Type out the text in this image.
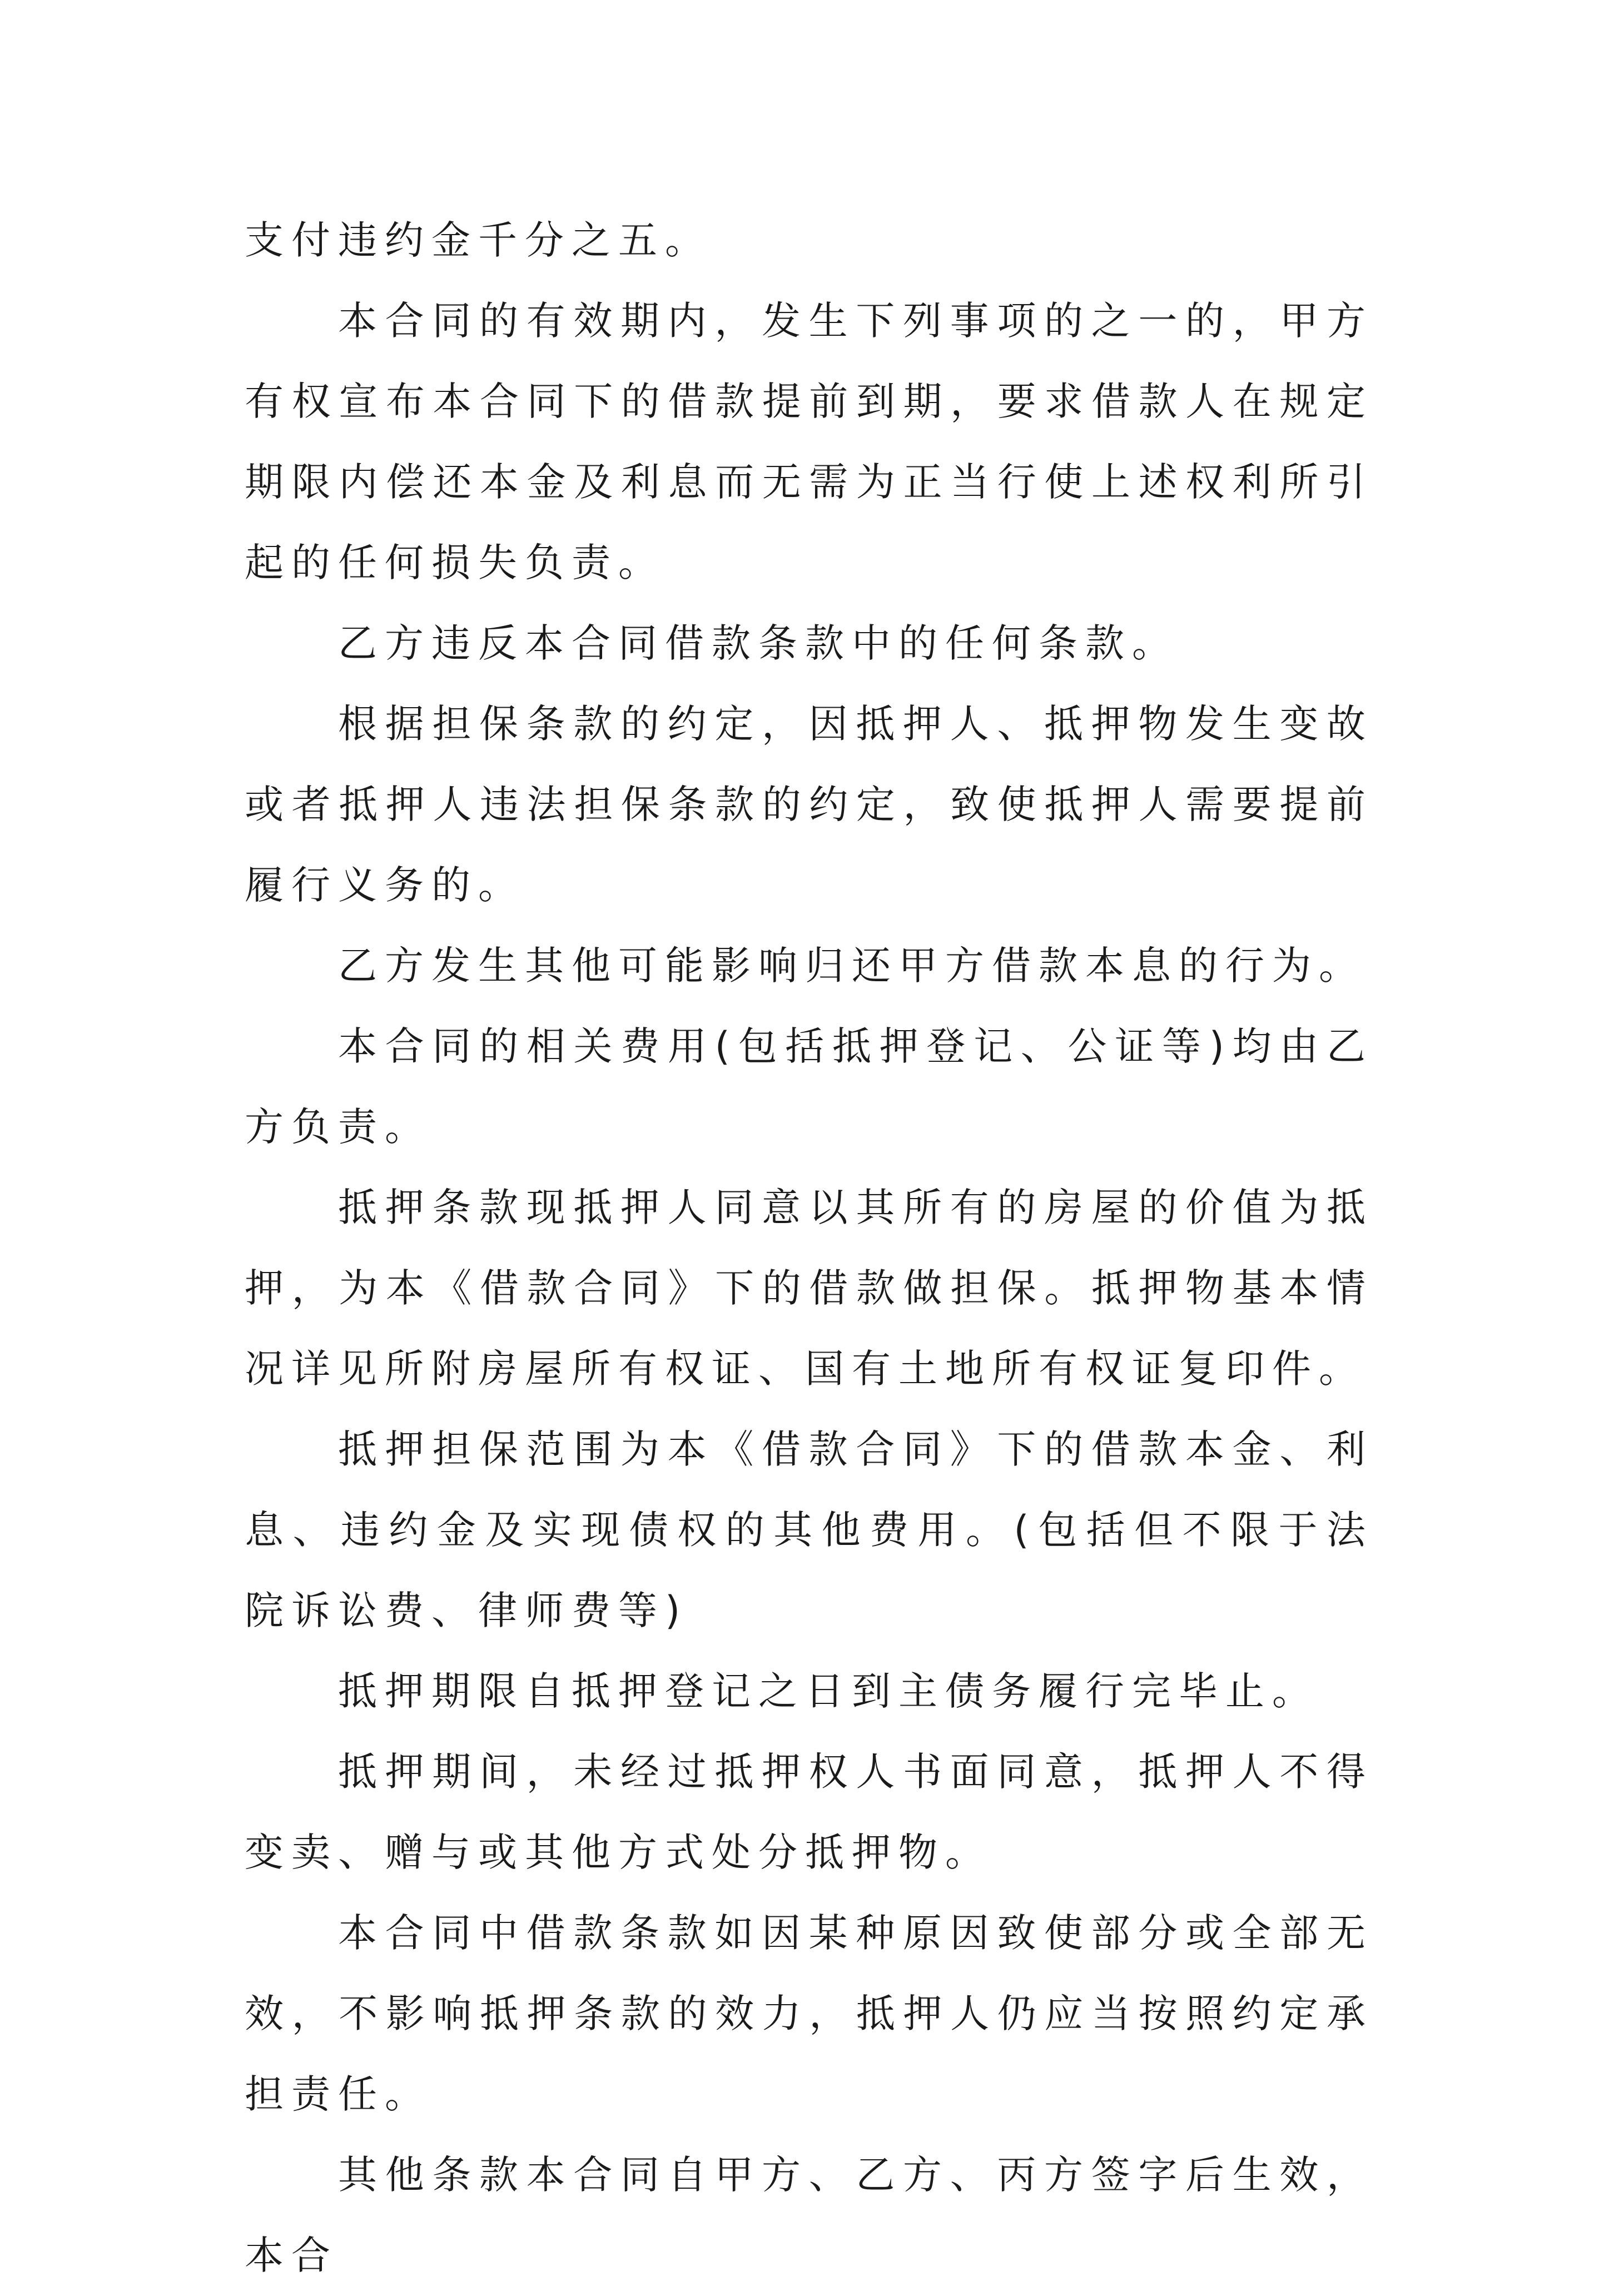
支付违约金千分之五。

本合同的有效期内，发生下列事项的之一的，甲方有权宣布本合同下的借款提前到期，要求借款人在规定期限内偿还本金及利息而无需为正当行使上述权利所引起的任何损失负责。

乙方违反本合同借款条款中的任何条款。

根据担保条款的约定，因抵押人、抵押物发生变故或者抵押人违法担保条款的约定，致使抵押人需要提前履行义务的。

乙方发生其他可能影响归还甲方借款本息的行为。

本合同的相关费用(包括抵押登记、公证等)均由乙方负责。

抵押条款现抵押人同意以其所有的房屋的价值为抵押，为本《借款合同》下的借款做担保。抵押物基本情况详见所附房屋所有权证、国有土地所有权证复印件。

抵押担保范围为本《借款合同》下的借款本金、利息、违约金及实现债权的其他费用。(包括但不限于法院诉讼费、律师费等)

抵押期限自抵押登记之日到主债务履行完毕止。

抵押期间，未经过抵押权人书面同意，抵押人不得变卖、赠与或其他方式处分抵押物。

本合同中借款条款如因某种原因致使部分或全部无效，不影响抵押条款的效力，抵押人仍应当按照约定承担责任。

其他条款本合同自甲方、乙方、丙方签字后生效，本合
